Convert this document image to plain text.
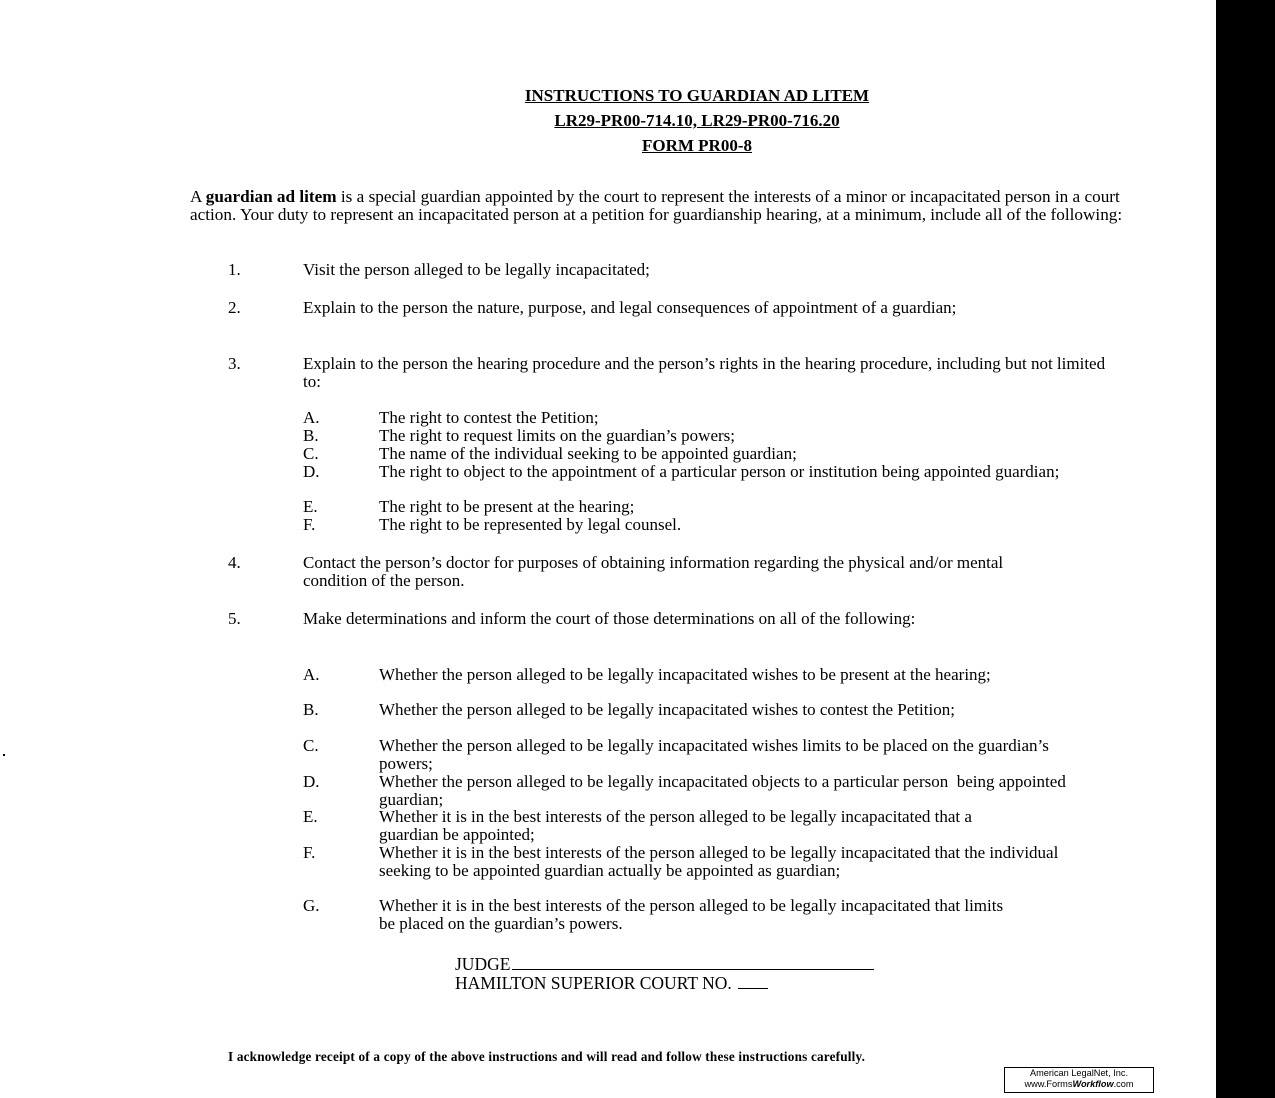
INSTRUCTIONS TO GUARDIAN AD LITEM
LR29-PR00-714.10, LR29-PR00-716.20
FORM PR00-8
A guardian ad litem is a special guardian appointed by the court to represent the interests of a minor or incapacitated person in a court action. Your duty to represent an incapacitated person at a petition for guardianship hearing, at a minimum, include all of the following:
1.	Visit the person alleged to be legally incapacitated;
2.	Explain to the person the nature, purpose, and legal consequences of appointment of a guardian;
3.	Explain to the person the hearing procedure and the person’s rights in the hearing procedure, including but not limited to:
A.	The right to contest the Petition;
B.	The right to request limits on the guardian’s powers;
C.	The name of the individual seeking to be appointed guardian;
D.	The right to object to the appointment of a particular person or institution being appointed guardian;
E.	The right to be present at the hearing;
F.	The right to be represented by legal counsel.
4.	Contact the person’s doctor for purposes of obtaining information regarding the physical and/or mental condition of the person.
5.	Make determinations and inform the court of those determinations on all of the following:
A.	Whether the person alleged to be legally incapacitated wishes to be present at the hearing;
B.	Whether the person alleged to be legally incapacitated wishes to contest the Petition;
C.	Whether the person alleged to be legally incapacitated wishes limits to be placed on the guardian’s powers;
D.	Whether the person alleged to be legally incapacitated objects to a particular person  being appointed guardian;
E.	Whether it is in the best interests of the person alleged to be legally incapacitated that a guardian be appointed;
F.	Whether it is in the best interests of the person alleged to be legally incapacitated that the individual seeking to be appointed guardian actually be appointed as guardian;
G.	Whether it is in the best interests of the person alleged to be legally incapacitated that limits be placed on the guardian’s powers.
JUDGE
HAMILTON SUPERIOR COURT NO.
I acknowledge receipt of a copy of the above instructions and will read and follow these instructions carefully.
American LegalNet, Inc.
www.FormsWorkflow.com
